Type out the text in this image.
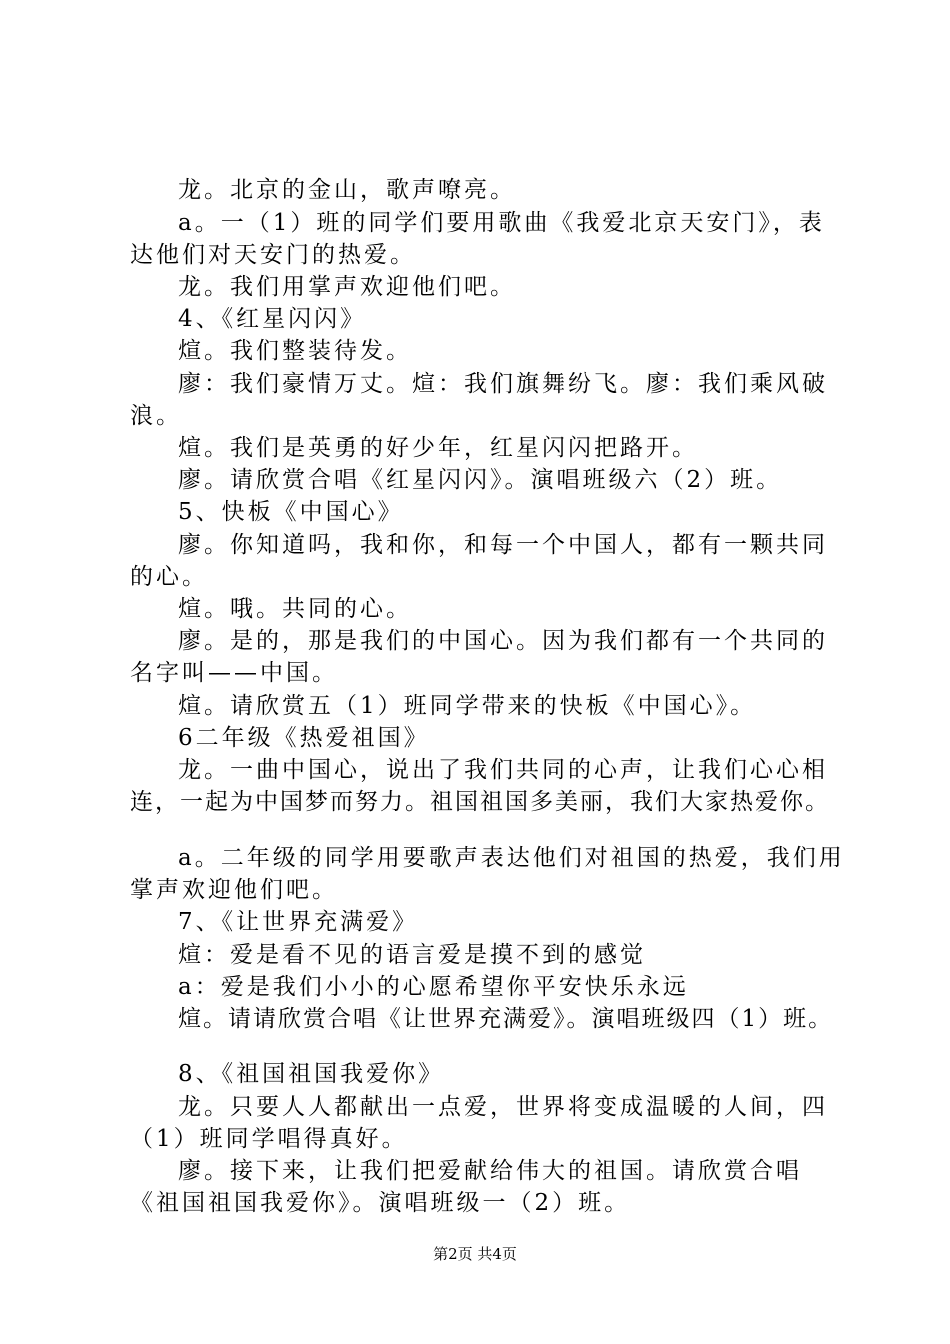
龙。北京的金山，歌声嘹亮。
a。一（1）班的同学们要用歌曲《我爱北京天安门》，表
达他们对天安门的热爱。
龙。我们用掌声欢迎他们吧。
4、《红星闪闪》
煊。我们整装待发。
廖：我们豪情万丈。煊：我们旗舞纷飞。廖：我们乘风破
浪。
煊。我们是英勇的好少年，红星闪闪把路开。
廖。请欣赏合唱《红星闪闪》。演唱班级六（2）班。
5、快板《中国心》
廖。你知道吗，我和你，和每一个中国人，都有一颗共同
的心。
煊。哦。共同的心。
廖。是的，那是我们的中国心。因为我们都有一个共同的
名字叫——中国。
煊。请欣赏五（1）班同学带来的快板《中国心》。
6二年级《热爱祖国》
龙。一曲中国心，说出了我们共同的心声，让我们心心相
连，一起为中国梦而努力。祖国祖国多美丽，我们大家热爱你。
a。二年级的同学用要歌声表达他们对祖国的热爱，我们用
掌声欢迎他们吧。
7、《让世界充满爱》
煊：爱是看不见的语言爱是摸不到的感觉
a：爱是我们小小的心愿希望你平安快乐永远
煊。请请欣赏合唱《让世界充满爱》。演唱班级四（1）班。
8、《祖国祖国我爱你》
龙。只要人人都献出一点爱，世界将变成温暖的人间，四
（1）班同学唱得真好。
廖。接下来，让我们把爱献给伟大的祖国。请欣赏合唱
《祖国祖国我爱你》。演唱班级一（2）班。
第2页 共4页
